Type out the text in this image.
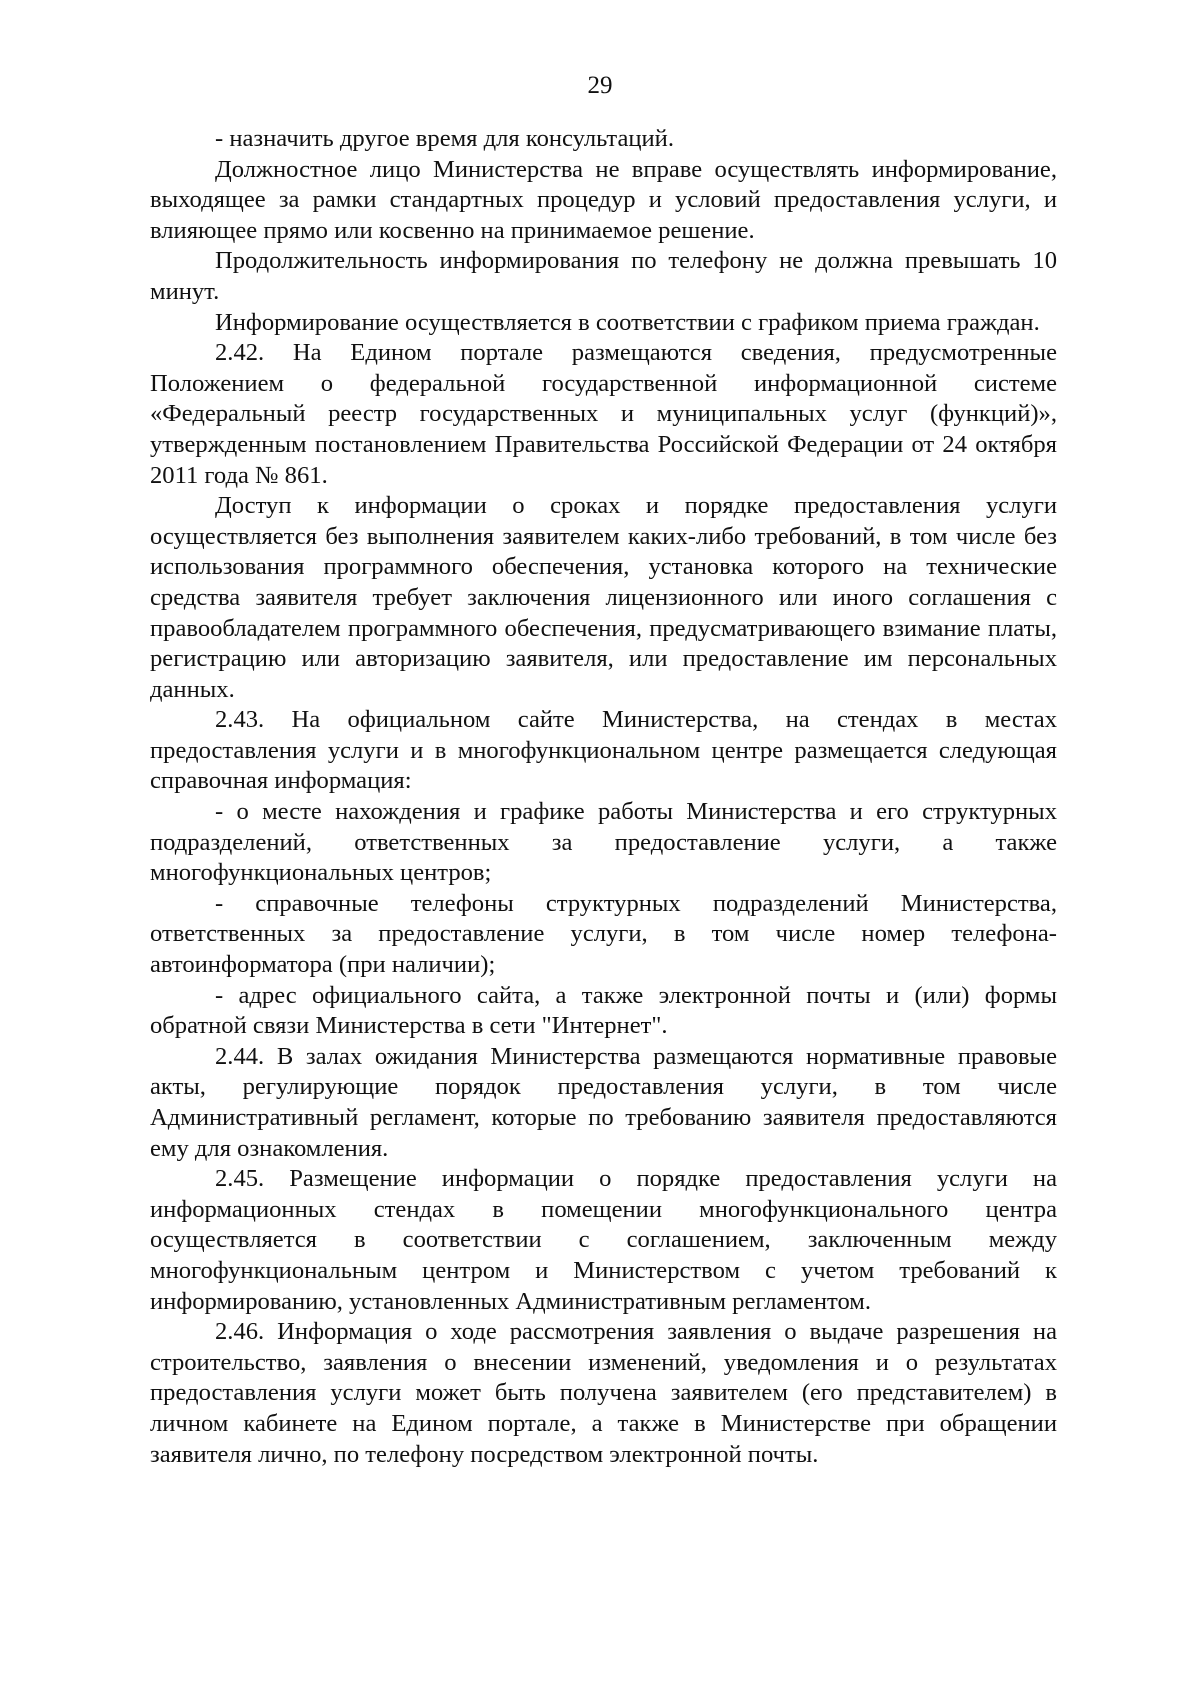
29

- назначить другое время для консультаций.

Должностное лицо Министерства не вправе осуществлять информирование, выходящее за рамки стандартных процедур и условий предоставления услуги, и влияющее прямо или косвенно на принимаемое решение.

Продолжительность информирования по телефону не должна превышать 10 минут.

Информирование осуществляется в соответствии с графиком приема граждан.

2.42. На Едином портале размещаются сведения, предусмотренные Положением о федеральной государственной информационной системе «Федеральный реестр государственных и муниципальных услуг (функций)», утвержденным постановлением Правительства Российской Федерации от 24 октября 2011 года № 861.

Доступ к информации о сроках и порядке предоставления услуги осуществляется без выполнения заявителем каких-либо требований, в том числе без использования программного обеспечения, установка которого на технические средства заявителя требует заключения лицензионного или иного соглашения с правообладателем программного обеспечения, предусматривающего взимание платы, регистрацию или авторизацию заявителя, или предоставление им персональных данных.

2.43. На официальном сайте Министерства, на стендах в местах предоставления услуги и в многофункциональном центре размещается следующая справочная информация:

- о месте нахождения и графике работы Министерства и его структурных подразделений, ответственных за предоставление услуги, а также многофункциональных центров;

- справочные телефоны структурных подразделений Министерства, ответственных за предоставление услуги, в том числе номер телефона-автоинформатора (при наличии);

- адрес официального сайта, а также электронной почты и (или) формы обратной связи Министерства в сети "Интернет".

2.44. В залах ожидания Министерства размещаются нормативные правовые акты, регулирующие порядок предоставления услуги, в том числе Административный регламент, которые по требованию заявителя предоставляются ему для ознакомления.

2.45. Размещение информации о порядке предоставления услуги на информационных стендах в помещении многофункционального центра осуществляется в соответствии с соглашением, заключенным между многофункциональным центром и Министерством с учетом требований к информированию, установленных Административным регламентом.

2.46. Информация о ходе рассмотрения заявления о выдаче разрешения на строительство, заявления о внесении изменений, уведомления и о результатах предоставления услуги может быть получена заявителем (его представителем) в личном кабинете на Едином портале, а также в Министерстве при обращении заявителя лично, по телефону посредством электронной почты.
